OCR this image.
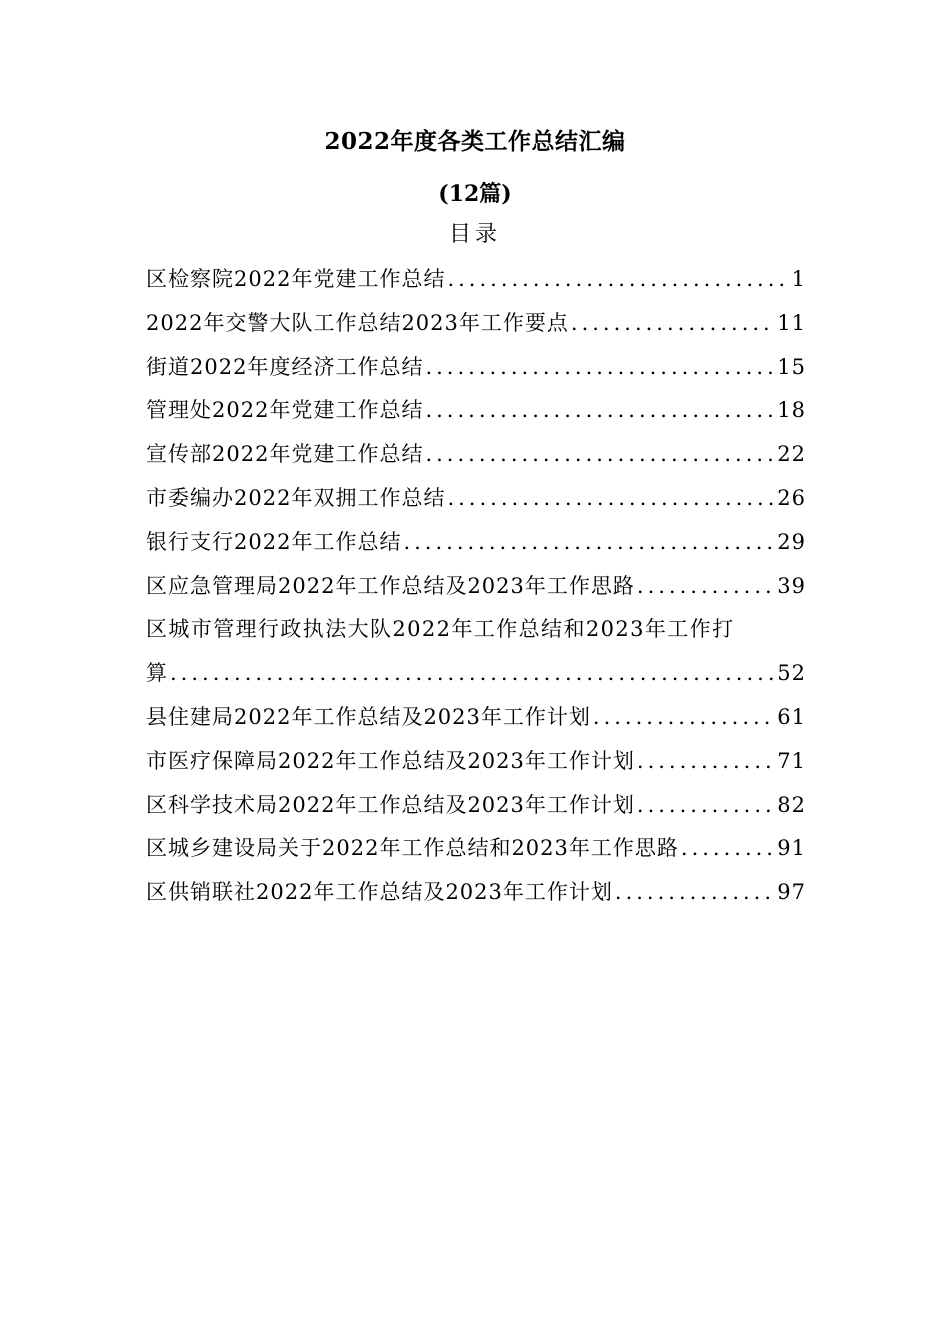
2022年度各类工作总结汇编
(12篇)
目录
区检察院2022年党建工作总结 .....	1
2022年交警大队工作总结2023年工作要点 .....	11
街道2022年度经济工作总结 .....	15
管理处2022年党建工作总结 .....	18
宣传部2022年党建工作总结 .....	22
市委编办2022年双拥工作总结 .....	26
银行支行2022年工作总结 .....	29
区应急管理局2022年工作总结及2023年工作思路 .....	39
区城市管理行政执法大队2022年工作总结和2023年工作打
算 .....	52
县住建局2022年工作总结及2023年工作计划 .....	61
市医疗保障局2022年工作总结及2023年工作计划 .....	71
区科学技术局2022年工作总结及2023年工作计划 .....	82
区城乡建设局关于2022年工作总结和2023年工作思路 .....	91
区供销联社2022年工作总结及2023年工作计划 .....	97
